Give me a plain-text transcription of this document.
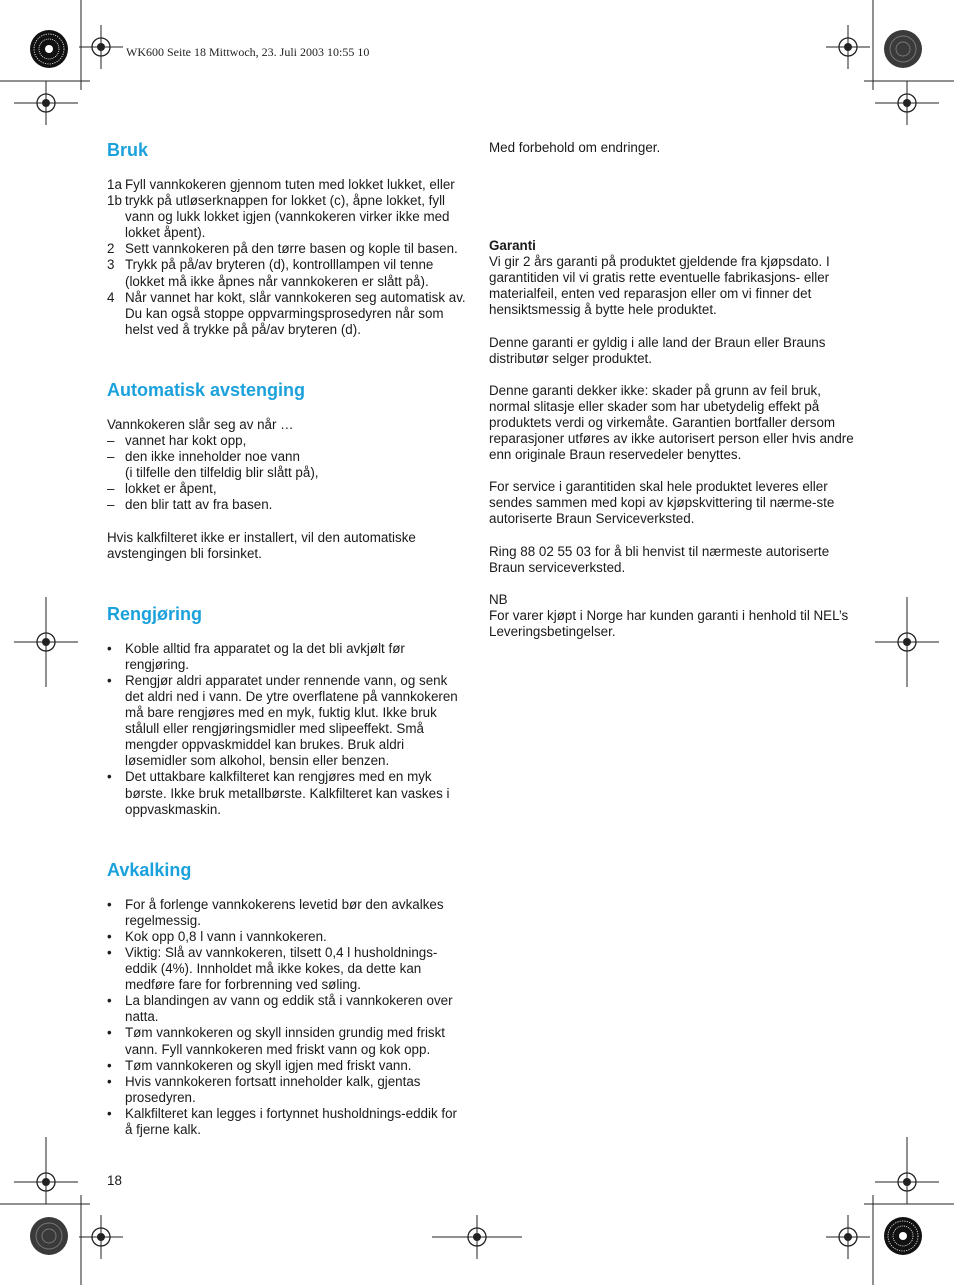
WK600 Seite 18 Mittwoch, 23. Juli 2003 10:55 10
Bruk
1a Fyll vannkokeren gjennom tuten med lokket lukket, eller
1b trykk på utløserknappen for lokket (c), åpne lokket, fyll vann og lukk lokket igjen (vannkokeren virker ikke med lokket åpent).
2 Sett vannkokeren på den tørre basen og kople til basen.
3 Trykk på på/av bryteren (d), kontrolllampen vil tenne (lokket må ikke åpnes når vannkokeren er slått på).
4 Når vannet har kokt, slår vannkokeren seg automatisk av.
Du kan også stoppe oppvarmingsprosedyren når som helst ved å trykke på på/av bryteren (d).
Automatisk avstenging

Vannkokeren slår seg av når …

– vannet har kokt opp,
– den ikke inneholder noe vann
(i tilfelle den tilfeldig blir slått på),
– lokket er åpent,
– den blir tatt av fra basen.

Hvis kalkfilteret ikke er installert, vil den automatiske avstengingen bli forsinket.

Rengjøring
• Koble alltid fra apparatet og la det bli avkjølt før rengjøring.
• Rengjør aldri apparatet under rennende vann, og senk det aldri ned i vann. De ytre overflatene på vannkokeren må bare rengjøres med en myk, fuktig klut. Ikke bruk stålull eller rengjøringsmidler med slipeeffekt. Små mengder oppvaskmiddel kan brukes. Bruk aldri løsemidler som alkohol, bensin eller benzen.
• Det uttakbare kalkfilteret kan rengjøres med en myk børste. Ikke bruk metallbørste. Kalkfilteret kan vaskes i oppvaskmaskin.
Avkalking
• For å forlenge vannkokerens levetid bør den avkalkes regelmessig.
• Kok opp 0,8 l vann i vannkokeren.
• Viktig: Slå av vannkokeren, tilsett 0,4 l husholdnings-eddik (4%). Innholdet må ikke kokes, da dette kan medføre fare for forbrenning ved søling.
• La blandingen av vann og eddik stå i vannkokeren over natta.
• Tøm vannkokeren og skyll innsiden grundig med friskt vann. Fyll vannkokeren med friskt vann og kok opp.
• Tøm vannkokeren og skyll igjen med friskt vann.
• Hvis vannkokeren fortsatt inneholder kalk, gjentas prosedyren.
• Kalkfilteret kan legges i fortynnet husholdnings-eddik for å fjerne kalk.

Med forbehold om endringer.

Garanti

Vi gir 2 års garanti på produktet gjeldende fra kjøpsdato. I garantitiden vil vi gratis rette eventuelle fabrikasjons- eller materialfeil, enten ved reparasjon eller om vi finner det hensiktsmessig å bytte hele produktet.

Denne garanti er gyldig i alle land der Braun eller Brauns distributør selger produktet.

Denne garanti dekker ikke: skader på grunn av feil bruk, normal slitasje eller skader som har ubetydelig effekt på produktets verdi og virkemåte. Garantien bortfaller dersom reparasjoner utføres av ikke autorisert person eller hvis andre enn originale Braun reservedeler benyttes.

For service i garantitiden skal hele produktet leveres eller sendes sammen med kopi av kjøpskvittering til nærme-ste autoriserte Braun Serviceverksted.

Ring 88 02 55 03 for å bli henvist til nærmeste autoriserte Braun serviceverksted.

NB

For varer kjøpt i Norge har kunden garanti i henhold til NEL’s Leveringsbetingelser.

18
